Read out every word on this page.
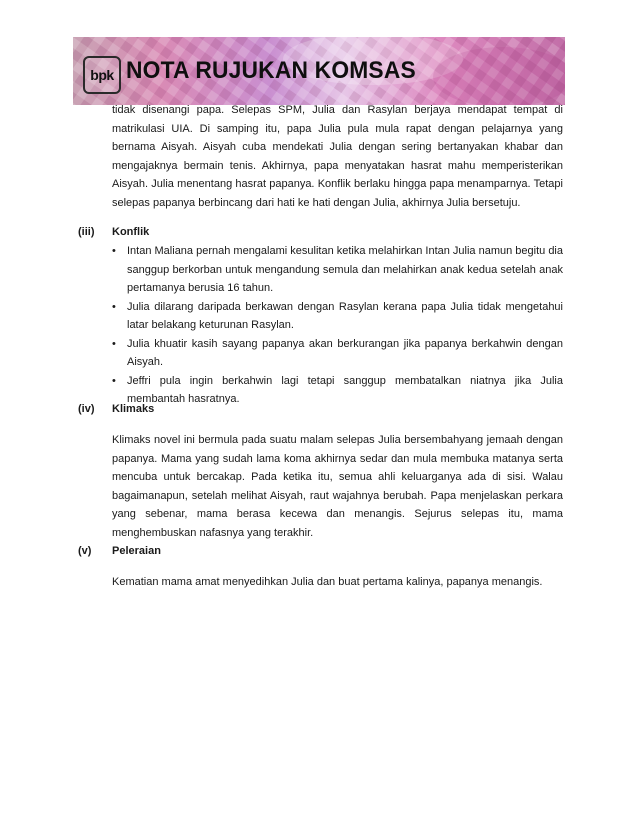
bpk NOTA RUJUKAN KOMSAS

tidak disenangi papa. Selepas SPM, Julia dan Rasylan berjaya mendapat tempat di matrikulasi UIA. Di samping itu, papa Julia pula mula rapat dengan pelajarnya yang bernama Aisyah. Aisyah cuba mendekati Julia dengan sering bertanyakan khabar dan mengajaknya bermain tenis. Akhirnya, papa menyatakan hasrat mahu memperisterikan Aisyah. Julia menentang hasrat papanya. Konflik berlaku hingga papa menamparnya. Tetapi selepas papanya berbincang dari hati ke hati dengan Julia, akhirnya Julia bersetuju.

(iii) Konflik
• Intan Maliana pernah mengalami kesulitan ketika melahirkan Intan Julia namun begitu dia sanggup berkorban untuk mengandung semula dan melahirkan anak kedua setelah anak pertamanya berusia 16 tahun.
• Julia dilarang daripada berkawan dengan Rasylan kerana papa Julia tidak mengetahui latar belakang keturunan Rasylan.
• Julia khuatir kasih sayang papanya akan berkurangan jika papanya berkahwin dengan Aisyah.
• Jeffri pula ingin berkahwin lagi tetapi sanggup membatalkan niatnya jika Julia membantah hasratnya.
(iv) Klimaks

Klimaks novel ini bermula pada suatu malam selepas Julia bersembahyang jemaah dengan papanya. Mama yang sudah lama koma akhirnya sedar dan mula membuka matanya serta mencuba untuk bercakap. Pada ketika itu, semua ahli keluarganya ada di sisi. Walau bagaimanapun, setelah melihat Aisyah, raut wajahnya berubah. Papa menjelaskan perkara yang sebenar, mama berasa kecewa dan menangis. Sejurus selepas itu, mama menghembuskan nafasnya yang terakhir.

(v) Peleraian

Kematian mama amat menyedihkan Julia dan buat pertama kalinya, papanya menangis.
